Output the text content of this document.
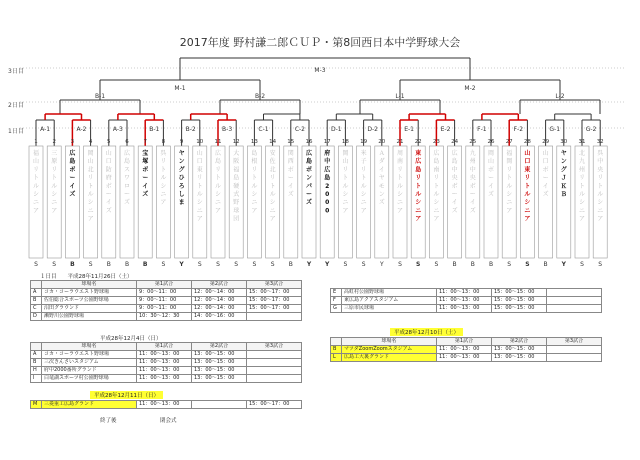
2017年度 野村謙二郎ＣＵＰ・第8回西日本中学野球大会
3日目
2日目
1日目
M-3
M-1	M-2
B-1	B-2	L-1	L-2
A-1	A-2	A-3	B-1	B-2	B-3	C-1	C-2	D-1	D-2	E-1	E-2	F-1	F-2	G-1	G-2
1
福
山
リ
ト
ル
シ
ニ
ア
S
2
三
原
リ
ト
ル
シ
ニ
ア
S
3
広
島
ボ
ー
イ
ズ
B
4
岡
山
北
リ
ト
ル
シ
ニ
ア
S
5
山
口
防
府
ボ
ー
イ
ズ
B
6
広
島
ス
ワ
ロ
ー
ズ
B
7
宝
塚
ボ
ー
イ
ズ
B
8
呉
リ
ト
ル
シ
ニ
ア
S
9
ヤ
ン
グ
ひ
ろ
し
ま
Y
10
山
口
東
リ
ト
ル
シ
ニ
ア
S
11
広
島
リ
ト
ル
シ
ニ
ア
S
12
大
阪
福
島
硬
式
野
球
団
S
13
島
根
リ
ト
ル
シ
ニ
ア
S
14
安
佐
北
リ
ト
ル
シ
ニ
ア
S
15
関
西
ボ
ー
イ
ズ
B
16
広
島
ポ
ン
パ
ー
ズ
Y
17
府
中
広
島
2
0
0
0
Y
18
岡
山
リ
ト
ル
シ
ニ
ア
S
19
米
子
リ
ト
ル
シ
ニ
ア
S
20
Ａ
ダ
イ
ヤ
モ
ン
ズ
Y
21
周
南
リ
ト
ル
シ
ニ
ア
S
22
東
広
島
リ
ト
ル
シ
ニ
ア
S
23
広
島
南
リ
ト
ル
シ
ニ
ア
S
24
広
島
中
央
ボ
ー
イ
ズ
B
25
九
州
中
央
ボ
ー
イ
ズ
B
26
岡
山
ボ
ー
イ
ズ
B
27
福
岡
リ
ト
ル
シ
ニ
ア
S
28
山
口
東
リ
ト
ル
シ
ニ
ア
S
29
山
口
ボ
ー
イ
ズ
B
30
ヤ
ン
グ
Ｊ
Ｋ
Ｂ
Y
31
北
九
州
リ
ト
ル
シ
ニ
ア
S
32
呉
中
央
リ
ト
ル
シ
ニ
ア
S
１日目　　平成28年11月26日（土）
	球場名	第1試合	第2試合	第3試合
A	コカ・コーラウエスト野球場	9：00〜11：00	12：00〜14：00	15：00〜17：00
B	佐伯総合スポーツ公園野球場	9：00〜11：00	12：00〜14：00	15：00〜17：00
C	沼田グラウンド	9：00〜11：00	12：00〜14：00	15：00〜17：00
D	瀬野川公園野球場	10：30〜12：30	14：00〜16：00	
E	高虹村公園野球場	11：00〜13：00	15：00〜15：00	
F	東広島アクアスタジアム	11：00〜13：00	15：00〜15：00	
G	三原市民球場	11：00〜13：00	15：00〜15：00	
平成28年12月4日（日）
	球場名	第1試合	第2試合	第3試合
A	コカ・コーラウエスト野球場	11：00〜13：00	13：00〜15：00	
B	三次きんさいスタジアム	11：00〜13：00	13：00〜15：00	
H	府中2000番所グランド	11：00〜13：00	13：00〜15：00	
I	白竜湖スポーツ村公園野球場	11：00〜13：00	13：00〜15：00	
平成28年12月10日（土）
	球場名	第1試合	第2試合	第3試合
B	マツダZoomZoomスタジアム	11：00〜13：00	13：00〜15：00	
L	広島工大裏グランド	11：00〜13：00	13：00〜15：00	
平成28年12月11日（日）
M	三菱重工広島グランド	11：00〜13：00		15：00〜17：00
終了後	閉会式
